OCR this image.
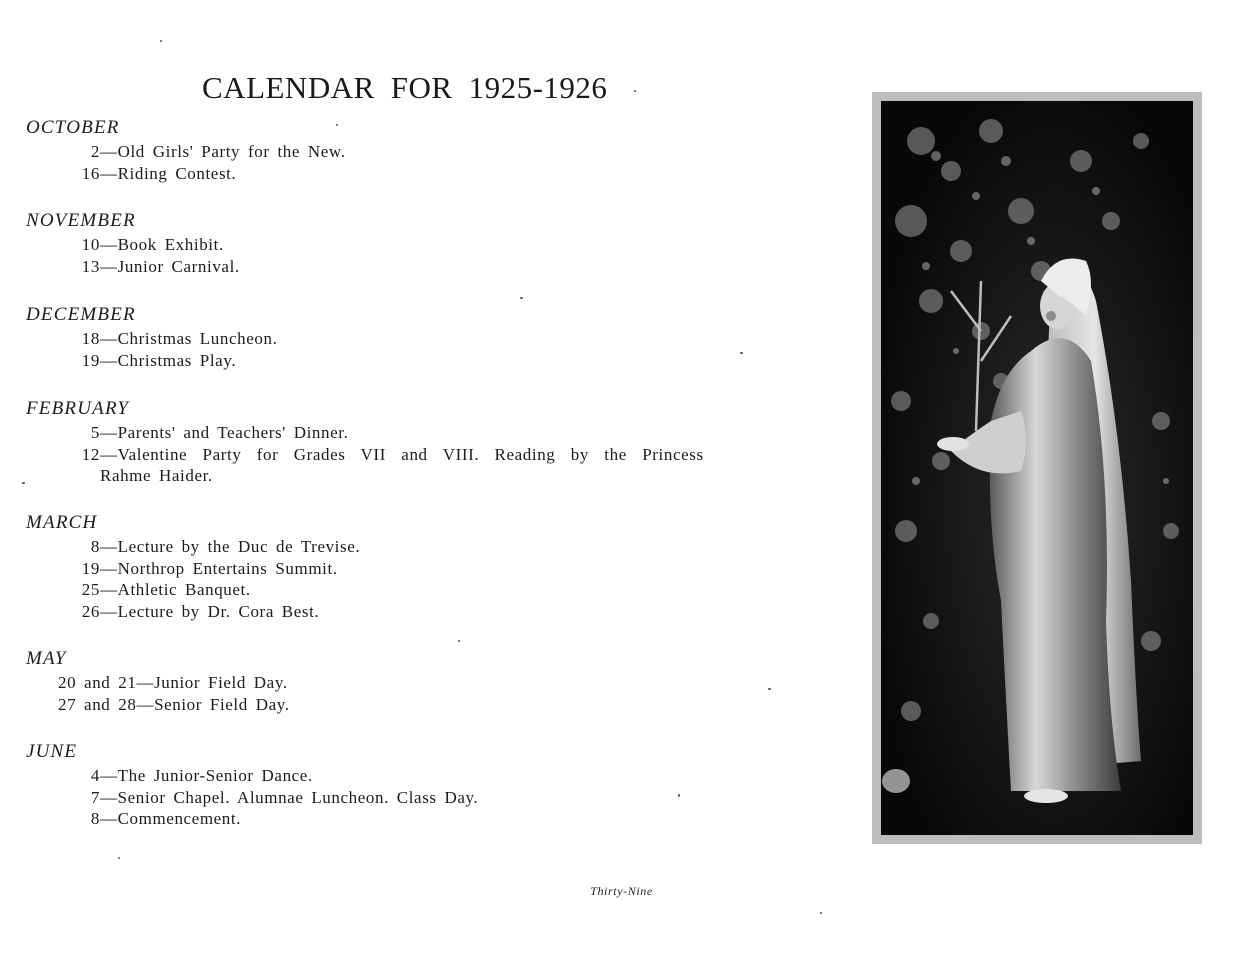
CALENDAR FOR 1925-1926
OCTOBER
2—Old Girls' Party for the New.
16—Riding Contest.
NOVEMBER
10—Book Exhibit.
13—Junior Carnival.
DECEMBER
18—Christmas Luncheon.
19—Christmas Play.
FEBRUARY
5—Parents' and Teachers' Dinner.
12—Valentine Party for Grades VII and VIII. Reading by the Princess
Rahme Haider.
MARCH
8—Lecture by the Duc de Trevise.
19—Northrop Entertains Summit.
25—Athletic Banquet.
26—Lecture by Dr. Cora Best.
MAY
20 and 21—Junior Field Day.
27 and 28—Senior Field Day.
JUNE
4—The Junior-Senior Dance.
7—Senior Chapel. Alumnae Luncheon. Class Day.
8—Commencement.
Thirty-Nine
